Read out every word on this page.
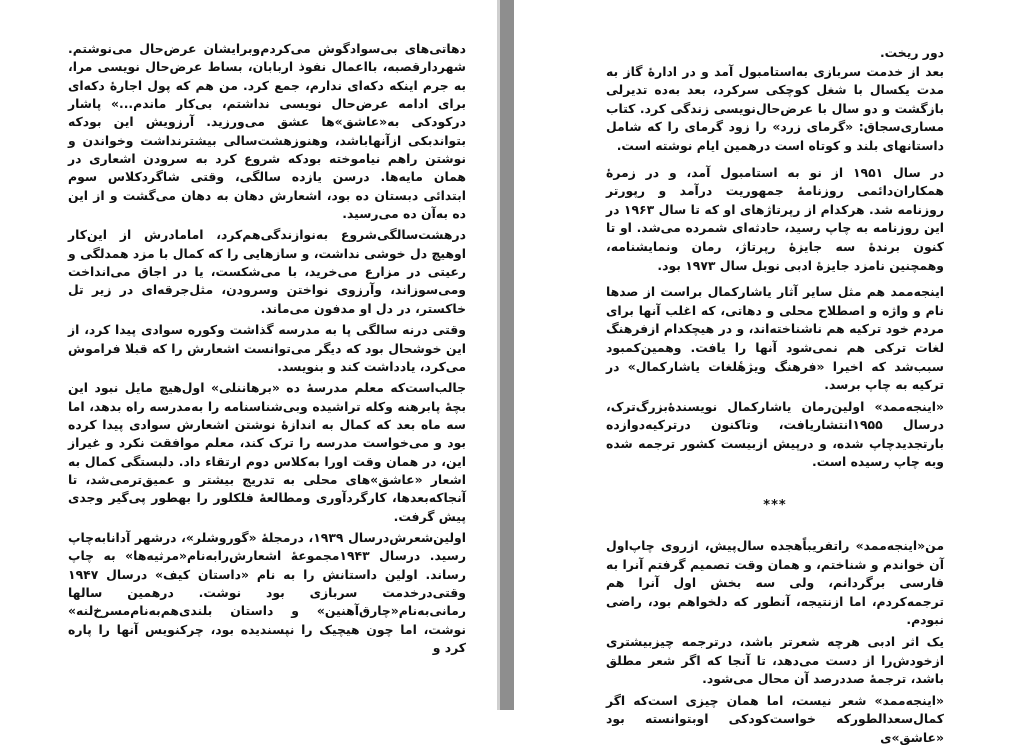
دهاتی‌های بی‌سوادگوش می‌کردم‌وبرایشان عرض‌حال می‌نوشتم. شهردارقصبه، بااعمال نفوذ اربابان، بساط عرض‌حال نویسی مرا، به جرم اینکه دکه‌ای ندارم، جمع کرد. من هم که پول اجارهٔ دکه‌ای برای ادامه عرض‌حال نویسی نداشتم، بی‌کار ماندم...» پاشار درکودکی به«عاشق»ها عشق می‌ورزید. آرزویش این بودکه بتواندبکی ازآنهاباشد، وهنوزهشت‌سالی بیشترنداشت وخواندن و نوشتن راهم نیاموخته بودکه شروع کرد به سرودن اشعاری در همان مایه‌ها. درسن یازده سالگی، وقتی شاگردکلاس سوم ابتدائی دبستان ده بود، اشعارش دهان به دهان می‌گشت و از این ده به‌آن ده می‌رسید.

درهشت‌سالگی‌شروع به‌نوازندگی‌هم‌کرد، امامادرش از این‌کار اوهیچ دل خوشی نداشت، و سازهایی را که کمال با مزد همدلگی و رعیتی در مزارع می‌خرید، با می‌شکست، یا در اجاق می‌انداخت ومی‌سوزاند، وآرزوی نواختن وسرودن، مثل‌جرقه‌ای در زیر تل خاکستر، در دل او مدفون می‌ماند.

وقتی درنه سالگی پا به مدرسه گذاشت وکوره سوادی پیدا کرد، از این خوشحال بود که دیگر می‌توانست اشعارش را که قبلا فراموش می‌کرد، یادداشت کند و بنویسد.

جالب‌است‌که معلم مدرسهٔ ده «برهاننلی» اول‌هیچ مایل نبود این بچهٔ پابرهنه وکله تراشیده وبی‌شناسنامه را به‌مدرسه راه بدهد، اما سه ماه بعد که کمال به اندازهٔ نوشتن اشعارش سوادی پیدا کرده بود و می‌خواست مدرسه را ترک کند، معلم موافقت نکرد و غیراز این، در همان وقت اورا به‌کلاس دوم ارتقاء داد. دلبستگی کمال به اشعار «عاشق»های محلی به تدریج بیشتر و عمیق‌ترمی‌شد، تا آنجاکه‌بعدها، کارگردآوری ومطالعهٔ فلکلور را بهطور پی‌گیر وجدی پیش گرفت.

اولین‌شعرش‌درسال ۱۹۳۹، درمجلهٔ «گوروشلر»، درشهر آدانا‌به‌چاپ رسید. درسال ۱۹۴۳مجموعهٔ اشعارش‌رابه‌نام«مرثیه‌ها» به چاپ رساند. اولین داستانش را به نام «داستان کیف» درسال ۱۹۴۷ وقتی‌درخدمت سربازی بود نوشت. درهمین سالها رمانی‌به‌نام«چارق‌آهنین» و داستان بلندی‌هم‌به‌نام‌مسرخ‌لنه» نوشت، اما چون هیچیک را نپسندیده بود، چرکنویس آنها را پاره کرد و

دور ریخت.

بعد از خدمت سربازی به‌استامبول آمد و در ادارهٔ گاز به مدت یکسال با شغل کوچکی سرکرد، بعد به‌ده تدیرلی بازگشت و دو سال با عرض‌حال‌نویسی زندگی کرد. کتاب مساری‌سجاق: «گرمای زرد» را زود گرمای را که شامل داستانهای بلند و کوتاه است درهمین ایام نوشته است.

در سال ۱۹۵۱ از نو به استامبول آمد، و در زمرهٔ همکاران‌دائمی روزنامهٔ جمهوریت درآمد و رپورتر روزنامه شد. هرکدام از رپرتاژهای او که تا سال ۱۹۶۳ در این روزنامه به چاپ رسید، حادثه‌ای شمرده می‌شد. او تا کنون برندهٔ سه جایزهٔ رپرتاژ، رمان ونمایشنامه، وهمچنین نامزد جایزهٔ ادبی نوبل سال ۱۹۷۳ بود.

اینجه‌ممد هم مثل سایر آثار یاشارکمال براست از صدها نام و واژه و اصطلاح محلی و دهاتی، که اغلب آنها برای مردم خود ترکیه هم ناشناخته‌اند، و در هیچکدام ازفرهنگ لغات ترکی هم نمی‌شود آنها را یافت. وهمین‌کمبود سبب‌شد که اخیرا «فرهنگ ویژهٔلغات یاشارکمال» در ترکیه به چاپ برسد.

«اینجه‌ممد» اولین‌رمان یاشارکمال نویسندهٔ‌بزرگ‌ترک، درسال ۱۹۵۵انتشاریافت، وتاکنون درترکیه‌دوازده بارتجدیدچاپ شده، و درپیش ازبیست کشور ترجمه شده وبه چاپ رسیده است.

***

من«اینجه‌ممد» راتفریباًهجده سال‌پیش، ازروی چاپ‌اول آن خواندم و شناختم، و همان وقت تصمیم گرفتم آنرا به فارسی برگردانم، ولی سه بخش اول آنرا هم ترجمه‌کردم، اما ازنتیجه، آنطور که دلخواهم بود، راضی نبودم.

یک اثر ادبی هرچه شعرتر باشد، درترجمه چیزبیشتری ازخودش‌را از دست می‌دهد، تا آنجا که اگر شعر مطلق باشد، ترجمهٔ صددرصد آن محال می‌شود.

«اینجه‌ممد» شعر نیست، اما همان چیزی است‌که اگر کمال‌سعدالطورکه خواست‌کودکی اوبتوانسته بود «عاشق»ی
